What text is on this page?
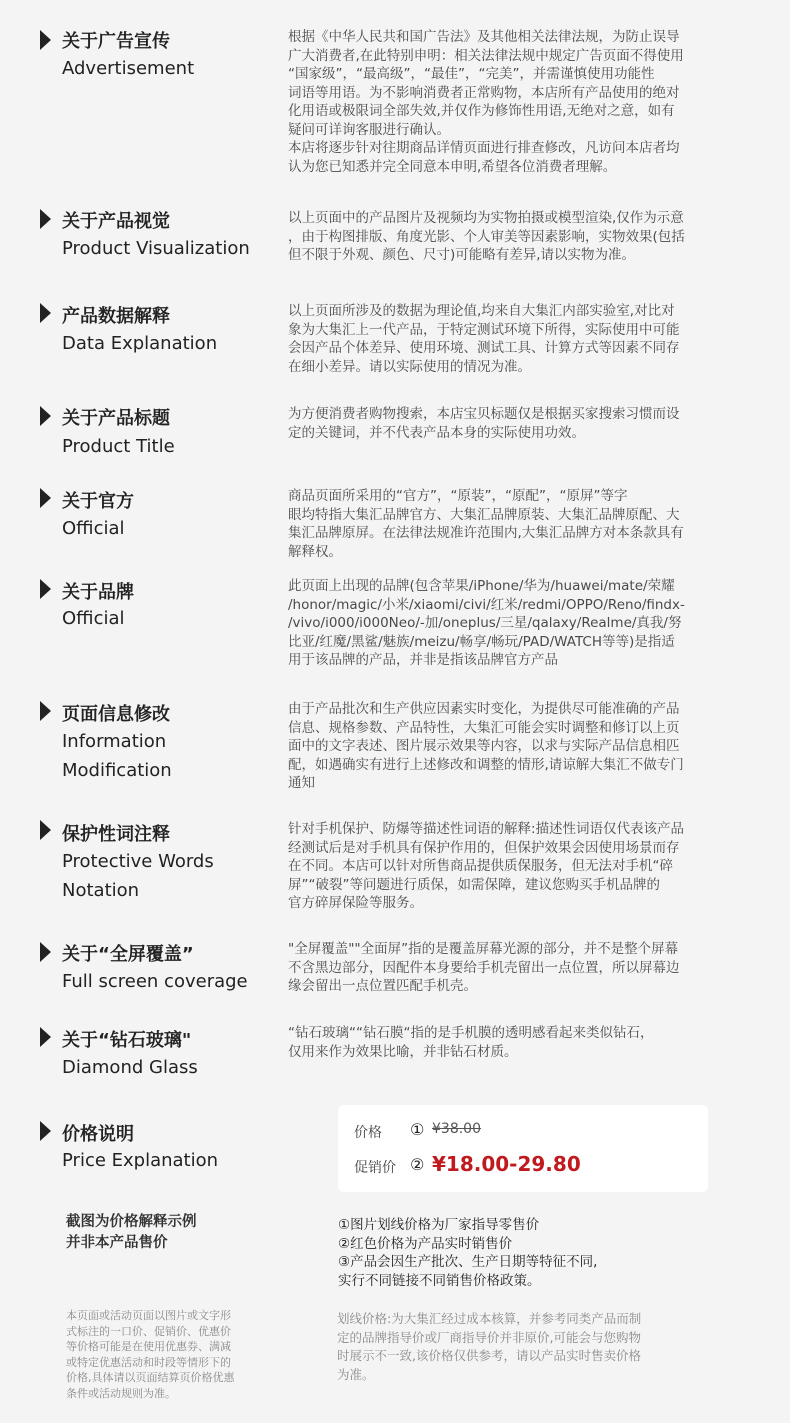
关于广告宣传
Advertisement
根据《中华人民共和国广告法》及其他相关法律法规，为防止误导
广大消费者,在此特别申明：相关法律法规中规定广告页面不得使用
“国家级”，“最高级”，“最佳”，“完美”，并需谨慎使用功能性
词语等用语。为不影响消费者正常购物，本店所有产品使用的绝对
化用语或极限词全部失效,并仅作为修饰性用语,无绝对之意，如有
疑问可详询客服进行确认。
本店将逐步针对往期商品详情页面进行排查修改，凡访问本店者均
认为您已知悉并完全同意本申明,希望各位消费者理解。
关于产品视觉
Product Visualization
以上页面中的产品图片及视频均为实物拍摄或模型渲染,仅作为示意
，由于构图排版、角度光影、个人审美等因素影响，实物效果(包括
但不限于外观、颜色、尺寸)可能略有差异,请以实物为准。
产品数据解释
Data Explanation
以上页面所涉及的数据为理论值,均来自大集汇内部实验室,对比对
象为大集汇上一代产品，于特定测试环境下所得，实际使用中可能
会因产品个体差异、使用环境、测试工具、计算方式等因素不同存
在细小差异。请以实际使用的情况为准。
关于产品标题
Product Title
为方便消费者购物搜索，本店宝贝标题仅是根据买家搜索习惯而设
定的关键词，并不代表产品本身的实际使用功效。
关于官方
Official
商品页面所采用的“官方”，“原装”，“原配”，“原屏”等字
眼均特指大集汇品牌官方、大集汇品牌原装、大集汇品牌原配、大
集汇品牌原屏。在法律法规准许范围内,大集汇品牌方对本条款具有
解释权。
关于品牌
Official
此页面上出现的品牌(包含苹果/iPhone/华为/huawei/mate/荣耀
/honor/magic/小米/xiaomi/civi/红米/redmi/OPPO/Reno/findx-
/vivo/i000/i000Neo/-加/oneplus/三星/qalaxy/Realme/真我/努
比亚/红魔/黑鲨/魅族/meizu/畅享/畅玩/PAD/WATCH等等)是指适
用于该品牌的产品，并非是指该品牌官方产品
页面信息修改
Information
Modification
由于产品批次和生产供应因素实时变化，为提供尽可能准确的产品
信息、规格参数、产品特性，大集汇可能会实时调整和修订以上页
面中的文字表述、图片展示效果等内容，以求与实际产品信息相匹
配，如遇确实有进行上述修改和调整的情形,请谅解大集汇不做专门
通知
保护性词注释
Protective Words
Notation
针对手机保护、防爆等描述性词语的解释:描述性词语仅代表该产品
经测试后是对手机具有保护作用的，但保护效果会因使用场景而存
在不同。本店可以针对所售商品提供质保服务，但无法对手机“碎
屏”“破裂”等问题进行质保，如需保障，建议您购买手机品牌的
官方碎屏保险等服务。
关于“全屏覆盖”
Full screen coverage
"全屏覆盖""全面屏”指的是覆盖屏幕光源的部分，并不是整个屏幕
不含黑边部分，因配件本身要给手机壳留出一点位置，所以屏幕边
缘会留出一点位置匹配手机壳。
关于“钻石玻璃"
Diamond Glass
“钻石玻璃““钻石膜“指的是手机膜的透明感看起来类似钻石，
仅用来作为效果比喻，并非钻石材质。
价格说明
Price Explanation
价格 ① ¥38.00
促销价 ② ¥18.00-29.80
截图为价格解释示例
并非本产品售价
①图片划线价格为厂家指导零售价
②红色价格为产品实时销售价
③产品会因生产批次、生产日期等特征不同,
实行不同链接不同销售价格政策。
本页面或活动页面以图片或文字形
式标注的一口价、促销价、优惠价
等价格可能是在使用优惠券、满减
或特定优惠活动和时段等情形下的
价格,具体请以页面结算页价格优惠
条件或活动规则为准。
划线价格:为大集汇经过成本核算，并参考同类产品而制
定的品牌指导价或厂商指导价并非原价,可能会与您购物
时展示不一致,该价格仅供参考，请以产品实时售卖价格
为准。
